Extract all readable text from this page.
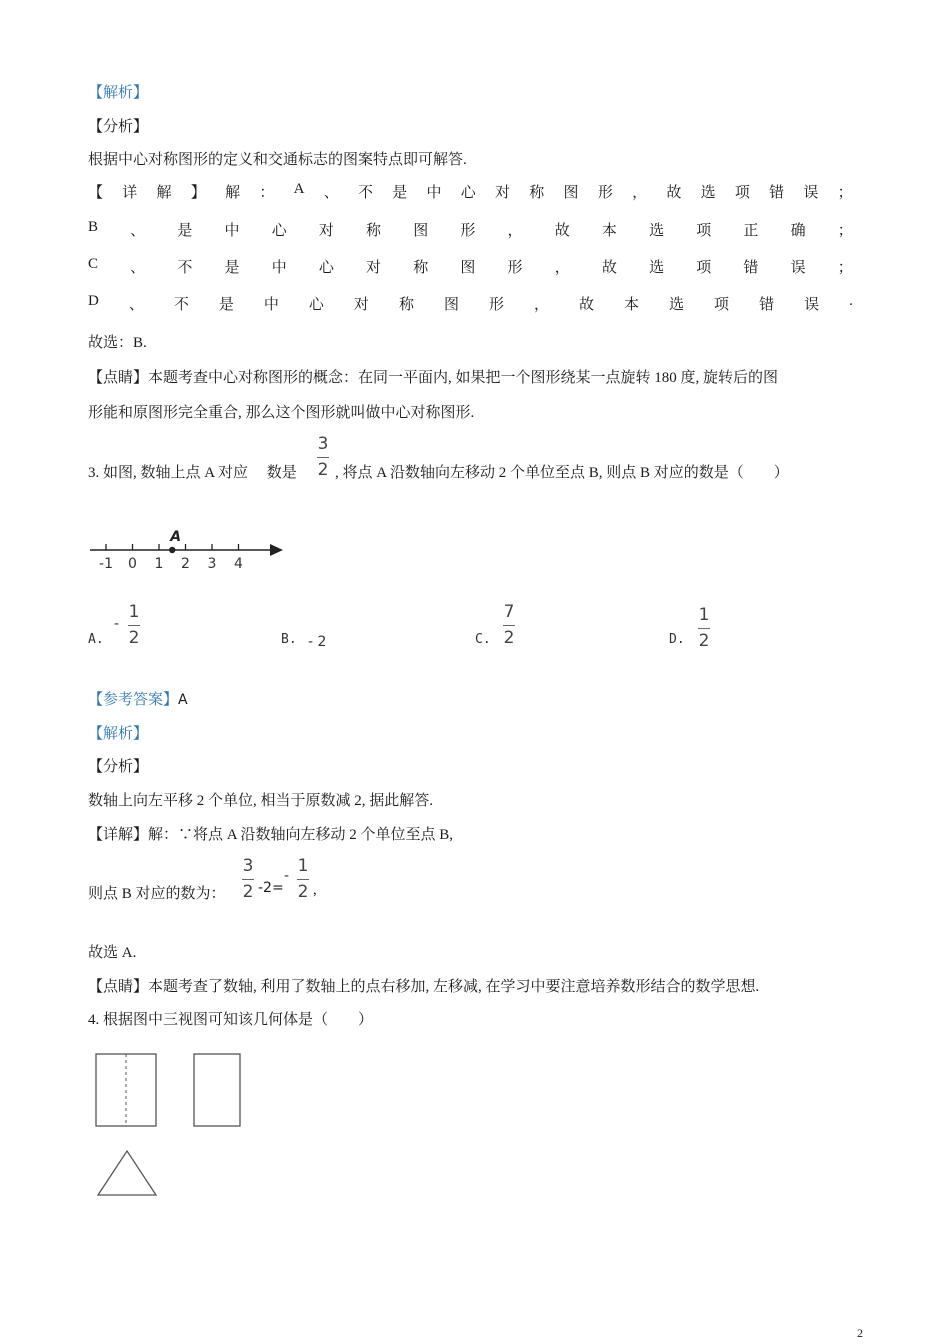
【解析】
【分析】
根据中心对称图形的定义和交通标志的图案特点即可解答.
【 详 解 】 解 ： A 、 不 是 中 心 对 称 图 形 ， 故 选 项 错 误 ；
B 、 是 中 心 对 称 图 形 ， 故 本 选 项 正 确 ；
C 、 不 是 中 心 对 称 图 形 ， 故 选 项 错 误 ；
D 、 不 是 中 心 对 称 图 形 ， 故 本 选 项 错 误 .
故选：B.
【点睛】本题考查中心对称图形的概念：在同一平面内, 如果把一个图形绕某一点旋转 180 度, 旋转后的图
形能和原图形完全重合, 那么这个图形就叫做中心对称图形.
3. 如图, 数轴上点 A 对应　 数是
3
2 , 将点 A 沿数轴向左移动 2 个单位至点 B, 则点 B 对应的数是（　　）
-1 0 1 2 3 4
A
A.
-
1
2	B. - 2	C.
7
2	D.
1
2
【参考答案】A
【解析】
【分析】
数轴上向左平移 2 个单位, 相当于原数减 2, 据此解答.
【详解】解：∵将点 A 沿数轴向左移动 2 个单位至点 B,
则点 B 对应的数为：
3
2 -2=
- 1
2 ,
故选 A.
【点睛】本题考查了数轴, 利用了数轴上的点右移加, 左移减, 在学习中要注意培养数形结合的数学思想.
4. 根据图中三视图可知该几何体是（　　）
2
